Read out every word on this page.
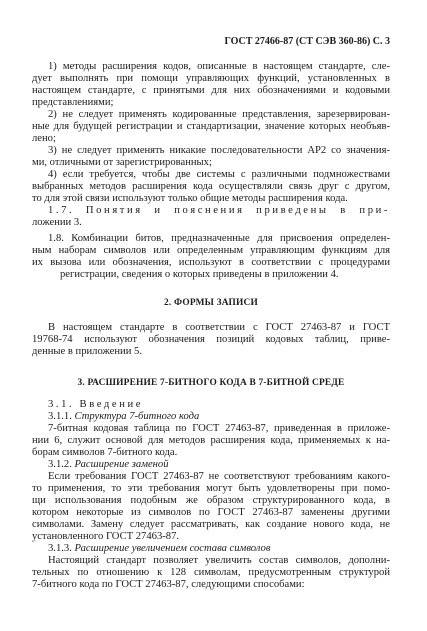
ГОСТ 27466-87 (СТ СЭВ 360-86) С. 3
1) методы расширения кодов, описанные в настоящем стандарте, сле-
дует выполнять при помощи управляющих функций, установленных в
настоящем стандарте, с принятыми для них обозначениями и кодовыми
представлениями;
2) не следует применять кодированные представления, зарезервирован-
ные для будущей регистрации и стандартизации, значение которых необъяв-
лено;
3) не следует применять никакие последовательности АР2 со значения-
ми, отличными от зарегистрированных;
4) если требуется, чтобы две системы с различными подмножествами
выбранных методов расширения кода осуществляли связь друг с другом,
то для этой связи используют только общие методы расширения кода.
1.7. Понятия и пояснения приведены в при-
ложении 3.
1.8. Комбинации битов, предназначенные для присвоения определен-
ным наборам символов или определенным управляющим функциям для
их вызова или обозначения, используют в соответствии с процедурами
регистрации, сведения о которых приведены в приложении 4.
2. ФОРМЫ ЗАПИСИ
В настоящем стандарте в соответствии с ГОСТ 27463-87 и ГОСТ
19768-74 используют обозначения позиций кодовых таблиц, приве-
денные в приложении 5.
3. РАСШИРЕНИЕ 7-БИТНОГО КОДА В 7-БИТНОЙ СРЕДЕ
3.1. Введение
3.1.1. Структура 7-битного кода
7-битная кодовая таблица по ГОСТ 27463-87, приведенная в приложе-
нии 6, служит основой для методов расширения кода, применяемых к на-
борам символов 7-битного кода.
3.1.2. Расширение заменой
Если требования ГОСТ 27463-87 не соответствуют требованиям какого-
то применения, то эти требования могут быть удовлетворены при помо-
щи использования подобным же образом структурированного кода, в
котором некоторые из символов по ГОСТ 27463-87 заменены другими
символами. Замену следует рассматривать, как создание нового кода, не
установленного ГОСТ 27463-87.
3.1.3. Расширение увеличением состава символов
Настоящий стандарт позволяет увеличить состав символов, дополни-
тельных по отношению к 128 символам, предусмотренным структурой
7-битного кода по ГОСТ 27463-87, следующими способами:
